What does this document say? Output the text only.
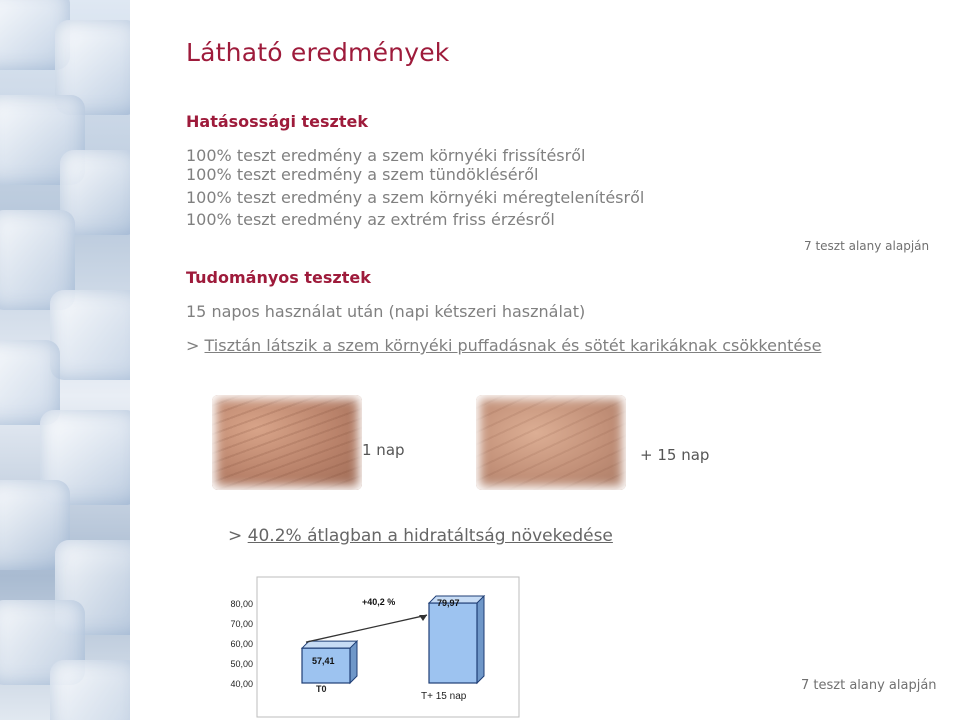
Látható eredmények
Hatásossági tesztek
100% teszt eredmény a szem környéki frissítésről
100% teszt eredmény a szem tündökléséről
100% teszt eredmény a szem környéki méregtelenítésről
100% teszt eredmény az extrém friss érzésről
7 teszt alany alapján
Tudományos tesztek
15 napos használat után (napi kétszeri használat)
> Tisztán látszik a szem környéki puffadásnak és sötét karikáknak csökkentése
1 nap	+ 15 nap
> 40.2% átlagban a hidratáltság növekedése
40,00
50,00
60,00
70,00
80,00
57,41
T0
79,97
T+ 15 nap
+40,2 %
7 teszt alany alapján
